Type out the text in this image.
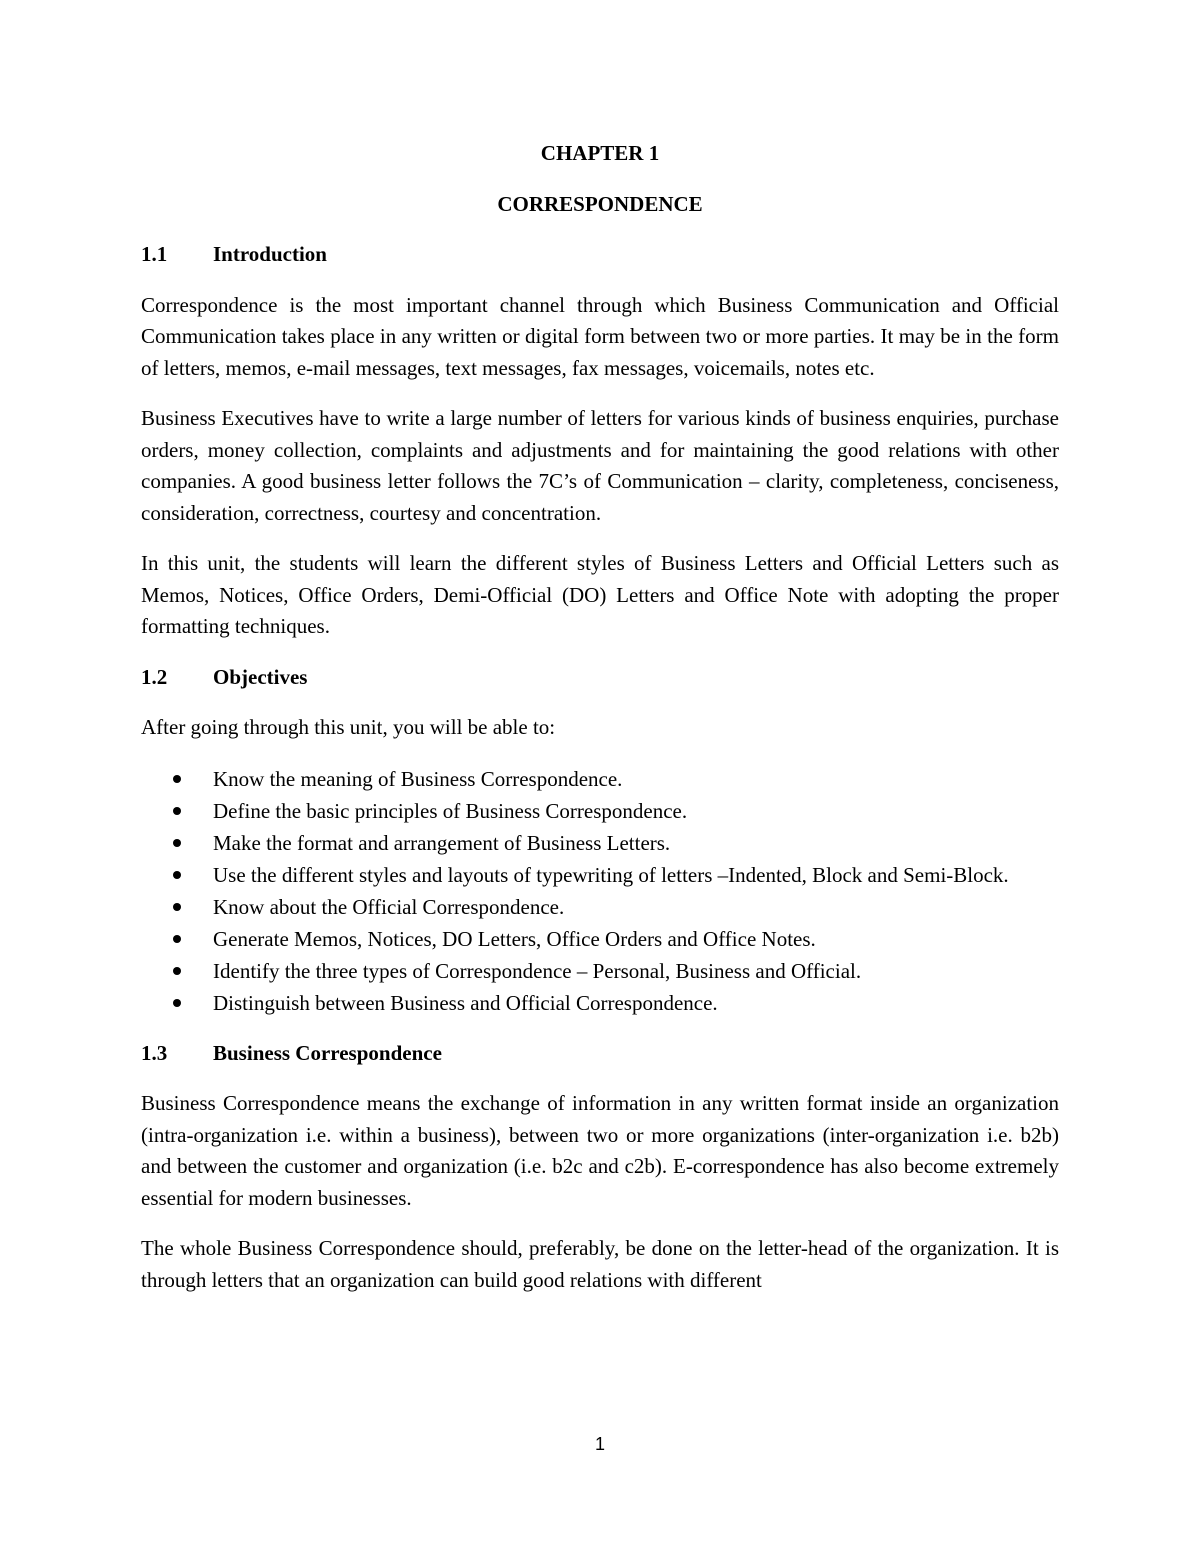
CHAPTER 1
CORRESPONDENCE
1.1	Introduction

Correspondence is the most important channel through which Business Communication and Official Communication takes place in any written or digital form between two or more parties. It may be in the form of letters, memos, e-mail messages, text messages, fax messages, voicemails, notes etc.

Business Executives have to write a large number of letters for various kinds of business enquiries, purchase orders, money collection, complaints and adjustments and for maintaining the good relations with other companies. A good business letter follows the 7C’s of Communication – clarity, completeness, conciseness, consideration, correctness, courtesy and concentration.

In this unit, the students will learn the different styles of Business Letters and Official Letters such as Memos, Notices, Office Orders, Demi-Official (DO) Letters and Office Note with adopting the proper formatting techniques.

1.2	Objectives

After going through this unit, you will be able to:

Know the meaning of Business Correspondence.
Define the basic principles of Business Correspondence.
Make the format and arrangement of Business Letters.
Use the different styles and layouts of typewriting of letters –Indented, Block and Semi-Block.
Know about the Official Correspondence.
Generate Memos, Notices, DO Letters, Office Orders and Office Notes.
Identify the three types of Correspondence – Personal, Business and Official.
Distinguish between Business and Official Correspondence.
1.3	Business Correspondence

Business Correspondence means the exchange of information in any written format inside an organization (intra-organization i.e. within a business), between two or more organizations (inter-organization i.e. b2b) and between the customer and organization (i.e. b2c and c2b). E-correspondence has also become extremely essential for modern businesses.

The whole Business Correspondence should, preferably, be done on the letter-head of the organization. It is through letters that an organization can build good relations with different

1
